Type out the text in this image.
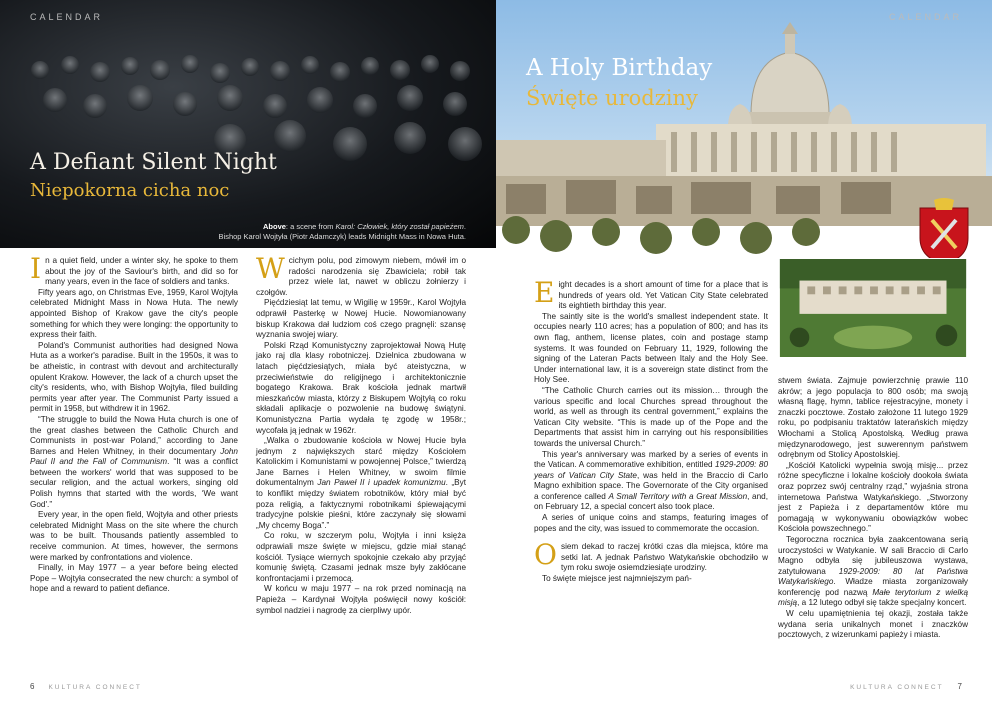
CALENDAR
A Defiant Silent Night
Niepokorna cicha noc
Above: a scene from Karol: Człowiek, który został papieżem.
Bishop Karol Wojtyła (Piotr Adamczyk) leads Midnight Mass in Nowa Huta.

In a quiet field, under a winter sky, he spoke to them about the joy of the Saviour's birth, and did so for many years, even in the face of soldiers and tanks.

Fifty years ago, on Christmas Eve, 1959, Karol Wojtyła celebrated Midnight Mass in Nowa Huta. The newly appointed Bishop of Krakow gave the city's people something for which they were longing: the opportunity to express their faith.

Poland's Communist authorities had designed Nowa Huta as a worker's paradise. Built in the 1950s, it was to be atheistic, in contrast with devout and architecturally opulent Krakow. However, the lack of a church upset the city's residents, who, with Bishop Wojtyła, filed building permits year after year. The Communist Party issued a permit in 1958, but withdrew it in 1962.

“The struggle to build the Nowa Huta church is one of the great clashes between the Catholic Church and Communists in post-war Poland,” according to Jane Barnes and Helen Whitney, in their documentary John Paul II and the Fall of Communism. “It was a conflict between the workers' world that was supposed to be secular religion, and the actual workers, singing old Polish hymns that started with the words, ‘We want God'.”

Every year, in the open field, Wojtyła and other priests celebrated Midnight Mass on the site where the church was to be built. Thousands patiently assembled to receive communion. At times, however, the sermons were marked by confrontations and violence.

Finally, in May 1977 – a year before being elected Pope – Wojtyła consecrated the new church: a symbol of hope and a reward to patient defiance.

Wcichym polu, pod zimowym niebem, mówił im o radości narodzenia się Zbawiciela; robił tak przez wiele lat, nawet w obliczu żołnierzy i czołgów.

Pięćdziesiąt lat temu, w Wigilię w 1959r., Karol Wojtyła odprawił Pasterkę w Nowej Hucie. Nowomianowany biskup Krakowa dał ludziom coś czego pragnęli: szansę wyznania swojej wiary.

Polski Rząd Komunistyczny zaprojektował Nową Hutę jako raj dla klasy robotniczej. Dzielnica zbudowana w latach pięćdziesiątych, miała być ateistyczna, w przeciwieństwie do religijnego i architektonicznie bogatego Krakowa. Brak kościoła jednak martwił mieszkańców miasta, którzy z Biskupem Wojtyłą co roku składali aplikacje o pozwolenie na budowę świątyni. Komunistyczna Partia wydała tę zgodę w 1958r.; wycofała ją jednak w 1962r.

„Walka o zbudowanie kościoła w Nowej Hucie była jednym z największych starć między Kościołem Katolickim i Komunistami w powojennej Polsce,” twierdzą Jane Barnes i Helen Whitney, w swoim filmie dokumentalnym Jan Paweł II i upadek komunizmu. „Byt to konflikt między światem robotników, który miał być poza religią, a faktycznymi robotnikami śpiewającymi tradycyjne polskie pieśni, które zaczynały się słowami „My chcemy Boga”.”

Co roku, w szczerym polu, Wojtyła i inni księża odprawiali msze święte w miejscu, gdzie miał stanąć kościół. Tysiące wiernych spokojnie czekało aby przyjąć komunię świętą. Czasami jednak msze były zakłócane konfrontacjami i przemocą.

W końcu w maju 1977 – na rok przed nominacją na Papieża – Kardynał Wojtyła poświęcił nowy kościół: symbol nadziei i nagrodę za cierpliwy upór.

6 KULTURA CONNECT
CALENDAR
A Holy Birthday
Święte urodziny

Eight decades is a short amount of time for a place that is hundreds of years old. Yet Vatican City State celebrated its eightieth birthday this year.

The saintly site is the world's smallest independent state. It occupies nearly 110 acres; has a population of 800; and has its own flag, anthem, license plates, coin and postage stamp systems. It was founded on February 11, 1929, following the signing of the Lateran Pacts between Italy and the Holy See. Under international law, it is a sovereign state distinct from the Holy See.

“The Catholic Church carries out its mission… through the various specific and local Churches spread throughout the world, as well as through its central government,” explains the Vatican City website. “This is made up of the Pope and the Departments that assist him in carrying out his responsibilities towards the universal Church.”

This year's anniversary was marked by a series of events in the Vatican. A commemorative exhibition, entitled 1929-2009: 80 years of Vatican City State, was held in the Braccio di Carlo Magno exhibition space. The Governorate of the City organised a conference called A Small Territory with a Great Mission, and, on February 12, a special concert also took place.

A series of unique coins and stamps, featuring images of popes and the city, was issued to commemorate the occasion.

Osiem dekad to raczej krótki czas dla miejsca, które ma setki lat. A jednak Państwo Watykańskie obchodziło w tym roku swoje osiemdziesiąte urodziny.

To święte miejsce jest najmniejszym pań-

stwem świata. Zajmuje powierzchnię prawie 110 akrów; a jego populacja to 800 osób; ma swoją własną flagę, hymn, tablice rejestracyjne, monety i znaczki pocztowe. Zostało założone 11 lutego 1929 roku, po podpisaniu traktatów laterańskich między Włochami a Stolicą Apostolską. Według prawa międzynarodowego, jest suwerennym państwem odrębnym od Stolicy Apostolskiej.

„Kościół Katolicki wypełnia swoją misję... przez różne specyficzne i lokalne kościoły dookoła świata oraz poprzez swój centralny rząd,” wyjaśnia strona internetowa Państwa Watykańskiego. „Stworzony jest z Papieża i z departamentów które mu pomagają w wykonywaniu obowiązków wobec Kościoła powszechnego.”

Tegoroczna rocznica była zaakcentowana serią uroczystości w Watykanie. W sali Braccio di Carlo Magno odbyła się jubileuszowa wystawa, zatytułowana 1929-2009: 80 lat Państwa Watykańskiego. Władze miasta zorganizowały konferencję pod nazwą Małe terytorium z wielką misją, a 12 lutego odbył się także specjalny koncert.

W celu upamiętnienia tej okazji, została także wydana seria unikalnych monet i znaczków pocztowych, z wizerunkami papieży i miasta.

KULTURA CONNECT 7
